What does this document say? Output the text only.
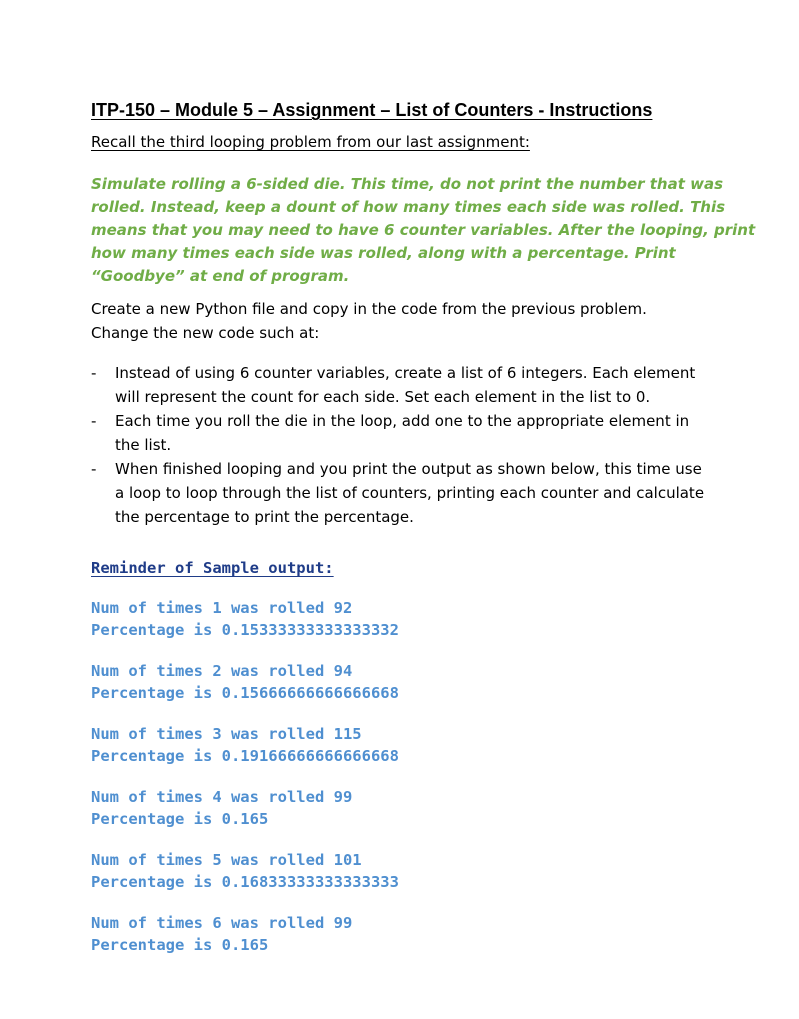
ITP-150 – Module 5 – Assignment – List of Counters - Instructions

Recall the third looping problem from our last assignment:

Simulate rolling a 6-sided die. This time, do not print the number that was
rolled. Instead, keep a dount of how many times each side was rolled. This
means that you may need to have 6 counter variables. After the looping, print
how many times each side was rolled, along with a percentage. Print
“Goodbye” at end of program.

Create a new Python file and copy in the code from the previous problem.
Change the new code such at:

- Instead of using 6 counter variables, create a list of 6 integers. Each element
will represent the count for each side. Set each element in the list to 0.
- Each time you roll the die in the loop, add one to the appropriate element in
the list.
- When finished looping and you print the output as shown below, this time use
a loop to loop through the list of counters, printing each counter and calculate
the percentage to print the percentage.

Reminder of Sample output:

Num of times 1 was rolled 92
Percentage is 0.15333333333333332

Num of times 2 was rolled 94
Percentage is 0.15666666666666668

Num of times 3 was rolled 115
Percentage is 0.19166666666666668

Num of times 4 was rolled 99
Percentage is 0.165

Num of times 5 was rolled 101
Percentage is 0.16833333333333333

Num of times 6 was rolled 99
Percentage is 0.165
